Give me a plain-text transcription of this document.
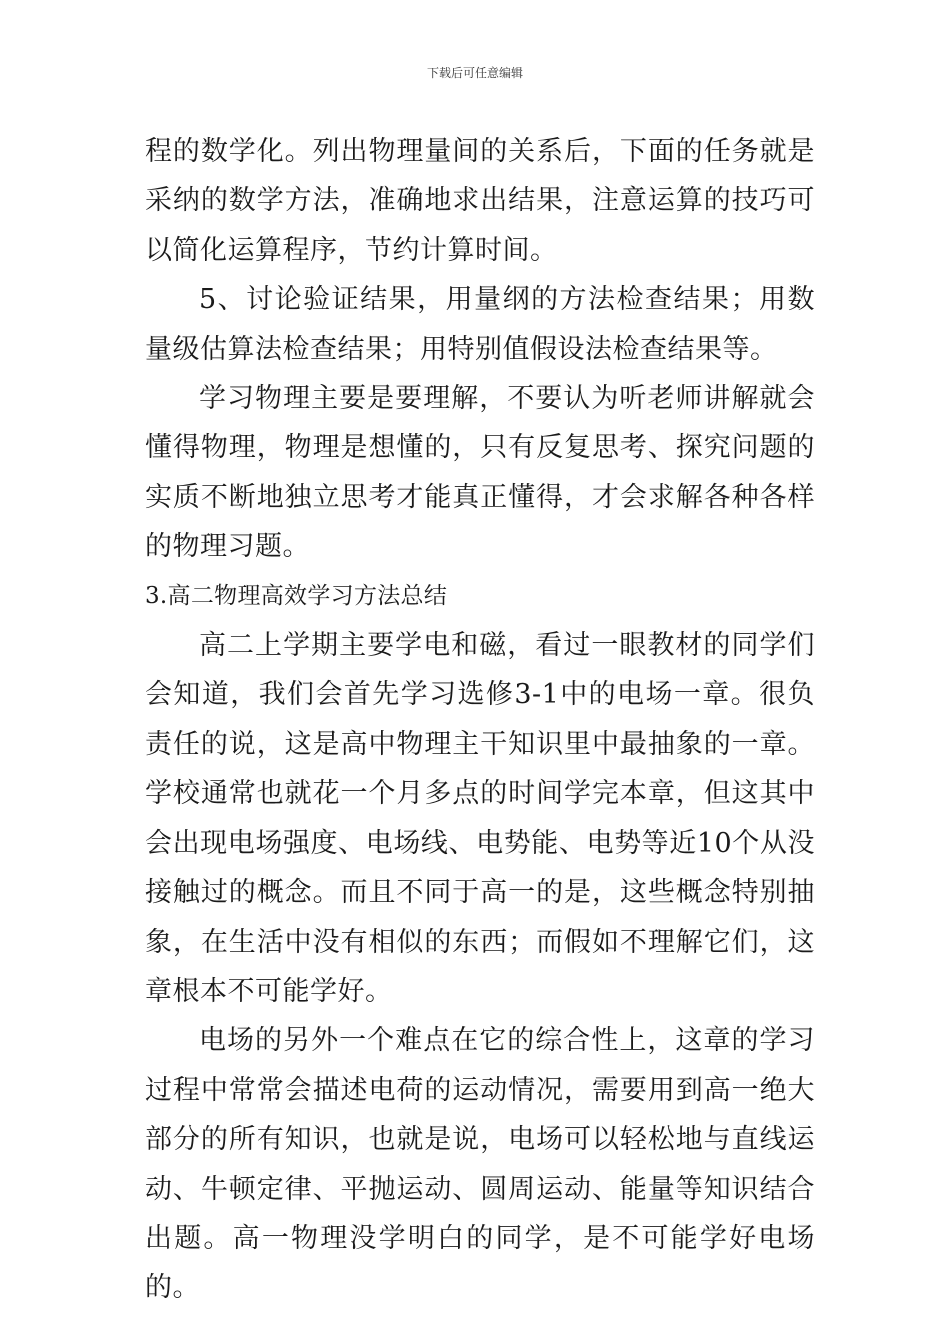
下载后可任意编辑

程的数学化。列出物理量间的关系后，下面的任务就是采纳的数学方法，准确地求出结果，注意运算的技巧可以简化运算程序，节约计算时间。

5、讨论验证结果，用量纲的方法检查结果；用数量级估算法检查结果；用特别值假设法检查结果等。

学习物理主要是要理解，不要认为听老师讲解就会懂得物理，物理是想懂的，只有反复思考、探究问题的实质不断地独立思考才能真正懂得，才会求解各种各样的物理习题。

3.高二物理高效学习方法总结

高二上学期主要学电和磁，看过一眼教材的同学们会知道，我们会首先学习选修3-1中的电场一章。很负责任的说，这是高中物理主干知识里中最抽象的一章。学校通常也就花一个月多点的时间学完本章，但这其中会出现电场强度、电场线、电势能、电势等近10个从没接触过的概念。而且不同于高一的是，这些概念特别抽象，在生活中没有相似的东西；而假如不理解它们，这章根本不可能学好。

电场的另外一个难点在它的综合性上，这章的学习过程中常常会描述电荷的运动情况，需要用到高一绝大部分的所有知识，也就是说，电场可以轻松地与直线运动、牛顿定律、平抛运动、圆周运动、能量等知识结合出题。高一物理没学明白的同学，是不可能学好电场的。
